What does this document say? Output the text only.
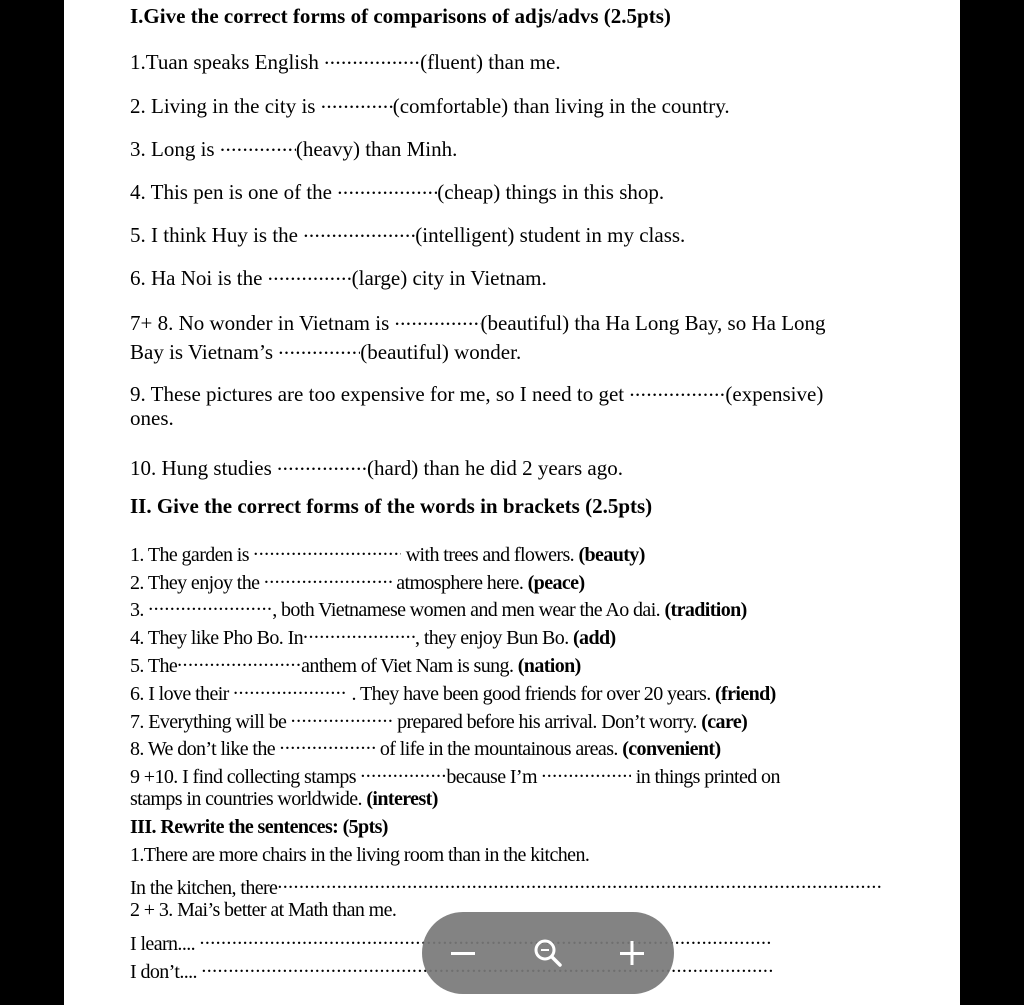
I.Give the correct forms of comparisons of adjs/advs (2.5pts)
1.Tuan speaks English .....	(fluent) than me.
2. Living in the city is .....	(comfortable) than living in the country.
3. Long is .....	(heavy) than Minh.
4. This pen is one of the .....	(cheap) things in this shop.
5. I think Huy is the .....	(intelligent) student in my class.
6. Ha Noi is the .....	(large) city in Vietnam.
7+ 8. No wonder in Vietnam is .....	(beautiful) tha Ha Long Bay, so Ha Long
Bay is Vietnam’s .....	(beautiful) wonder.
9. These pictures are too expensive for me, so I need to get .....	(expensive)
ones.
10. Hung studies .....	(hard) than he did 2 years ago.
II. Give the correct forms of the words in brackets (2.5pts)
1. The garden is .....	with trees and flowers. (beauty)
2. They enjoy the .....	atmosphere here. (peace)
3. .....	, both Vietnamese women and men wear the Ao dai. (tradition)
4. They like Pho Bo. In .....	, they enjoy Bun Bo. (add)
5. The .....	anthem of Viet Nam is sung. (nation)
6. I love their .....	. They have been good friends for over 20 years. (friend)
7. Everything will be .....	prepared before his arrival. Don’t worry. (care)
8. We don’t like the .....	of life in the mountainous areas. (convenient)
9 +10. I find collecting stamps .....	because I’m .....	in things printed on
stamps in countries worldwide. (interest)
III. Rewrite the sentences: (5pts)
1.There are more chairs in the living room than in the kitchen.
In the kitchen, there.....
2 + 3. Mai’s better at Math than me.
I learn.... .....
I don’t.... .....
